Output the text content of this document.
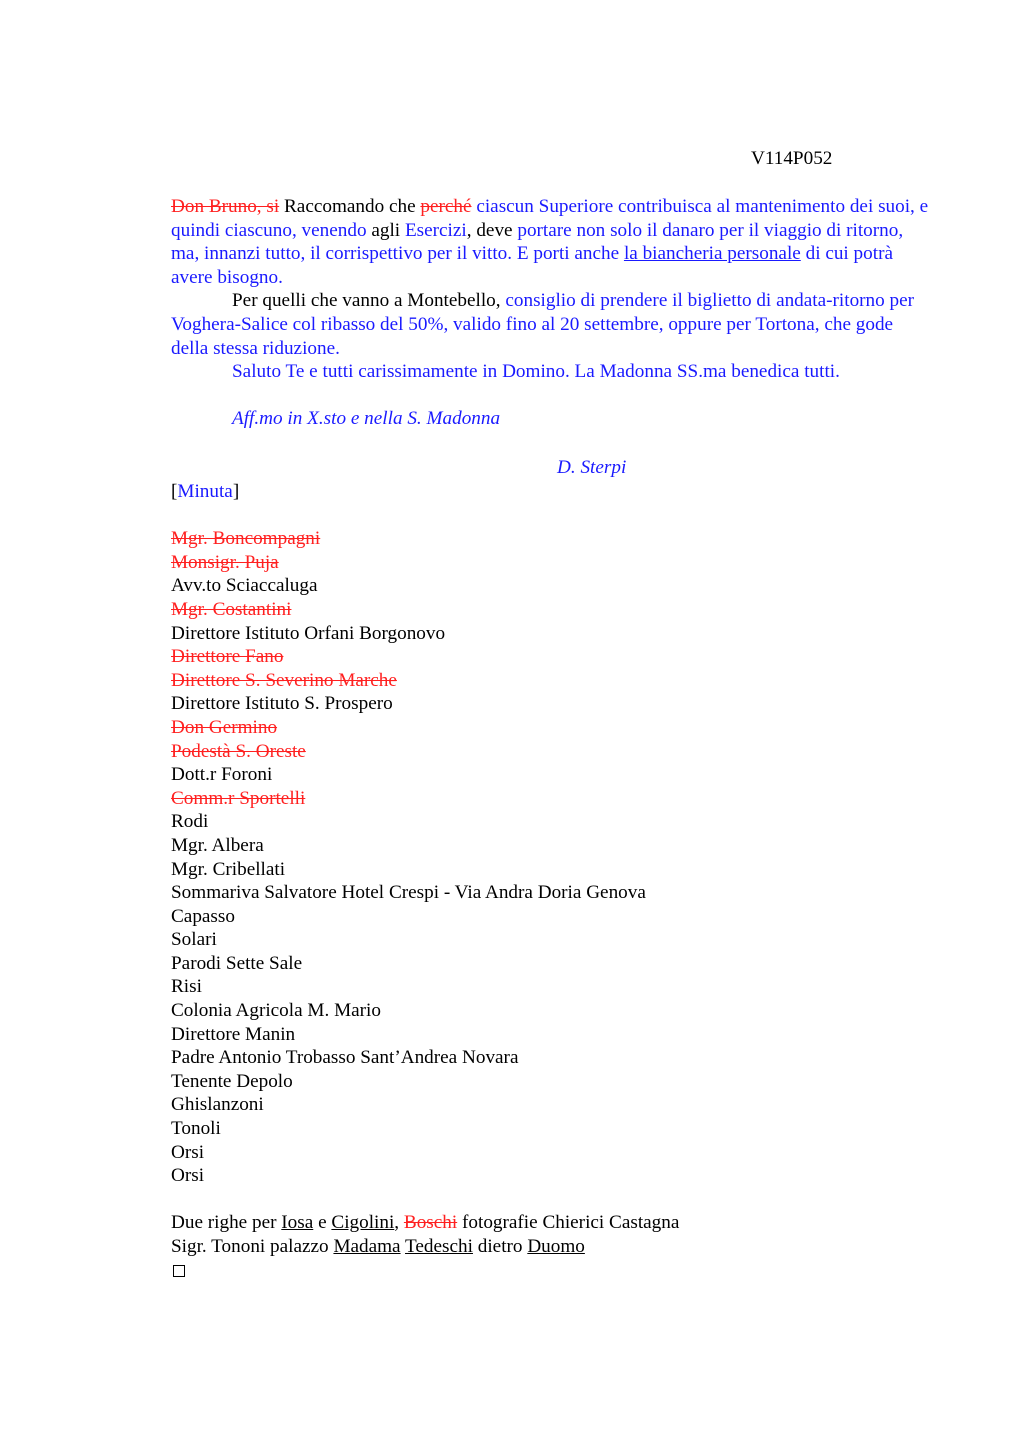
V114P052

Don Bruno, si Raccomando che perché ciascun Superiore contribuisca al mantenimento dei suoi, e quindi ciascuno, venendo agli Esercizi, deve portare non solo il danaro per il viaggio di ritorno, ma, innanzi tutto, il corrispettivo per il vitto. E porti anche la biancheria personale di cui potrà avere bisogno.

Per quelli che vanno a Montebello, consiglio di prendere il biglietto di andata-ritorno per Voghera-Salice col ribasso del 50%, valido fino al 20 settembre, oppure per Tortona, che gode della stessa riduzione.

Saluto Te e tutti carissimamente in Domino. La Madonna SS.ma benedica tutti.

Aff.mo in X.sto e nella S. Madonna

D. Sterpi
[Minuta]
Mgr. Boncompagni
Monsigr. Puja
Avv.to Sciaccaluga
Mgr. Costantini
Direttore Istituto Orfani Borgonovo
Direttore Fano
Direttore S. Severino Marche
Direttore Istituto S. Prospero
Don Germino
Podestà S. Oreste
Dott.r Foroni
Comm.r Sportelli
Rodi
Mgr. Albera
Mgr. Cribellati
Sommariva Salvatore Hotel Crespi - Via Andra Doria Genova
Capasso
Solari
Parodi Sette Sale
Risi
Colonia Agricola M. Mario
Direttore Manin
Padre Antonio Trobasso Sant’Andrea Novara
Tenente Depolo
Ghislanzoni
Tonoli
Orsi
Orsi
Due righe per Iosa e Cigolini, Boschi fotografie Chierici Castagna
Sigr. Tononi palazzo Madama Tedeschi dietro Duomo
